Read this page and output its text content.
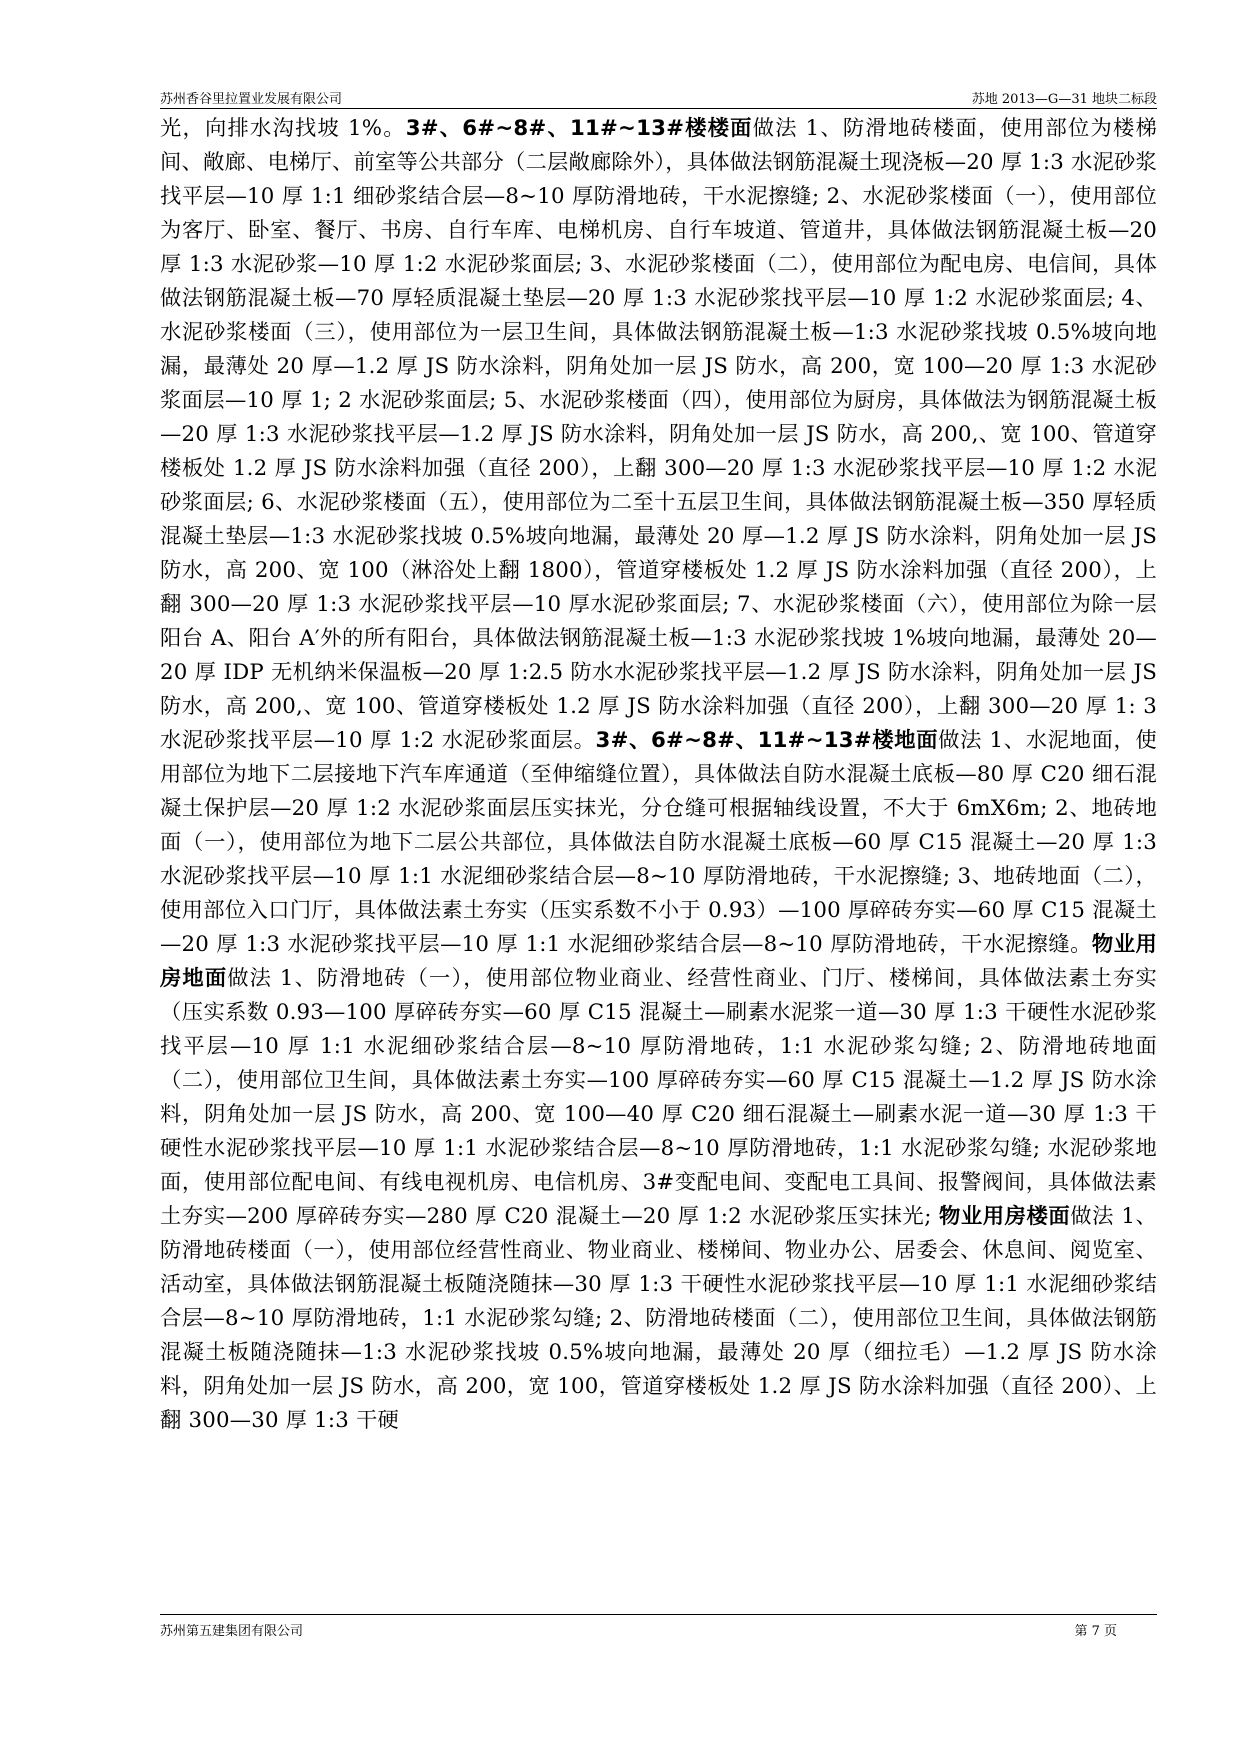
苏州香谷里拉置业发展有限公司	苏地 2013—G—31 地块二标段
光，向排水沟找坡 1%。3#、6#~8#、11#~13#楼楼面做法 1、防滑地砖楼面，使用部位为楼梯间、敞廊、电梯厅、前室等公共部分（二层敞廊除外），具体做法钢筋混凝土现浇板—20 厚 1:3 水泥砂浆找平层—10 厚 1:1 细砂浆结合层—8~10 厚防滑地砖，干水泥擦缝; 2、水泥砂浆楼面（一），使用部位为客厅、卧室、餐厅、书房、自行车库、电梯机房、自行车坡道、管道井，具体做法钢筋混凝土板—20 厚 1:3 水泥砂浆—10 厚 1:2 水泥砂浆面层; 3、水泥砂浆楼面（二），使用部位为配电房、电信间，具体做法钢筋混凝土板—70 厚轻质混凝土垫层—20 厚 1:3 水泥砂浆找平层—10 厚 1:2 水泥砂浆面层; 4、水泥砂浆楼面（三），使用部位为一层卫生间，具体做法钢筋混凝土板—1:3 水泥砂浆找坡 0.5%坡向地漏，最薄处 20 厚—1.2 厚 JS 防水涂料，阴角处加一层 JS 防水，高 200，宽 100—20 厚 1:3 水泥砂浆面层—10 厚 1; 2 水泥砂浆面层; 5、水泥砂浆楼面（四），使用部位为厨房，具体做法为钢筋混凝土板—20 厚 1:3 水泥砂浆找平层—1.2 厚 JS 防水涂料，阴角处加一层 JS 防水，高 200,、宽 100、管道穿楼板处 1.2 厚 JS 防水涂料加强（直径 200），上翻 300—20 厚 1:3 水泥砂浆找平层—10 厚 1:2 水泥砂浆面层; 6、水泥砂浆楼面（五），使用部位为二至十五层卫生间，具体做法钢筋混凝土板—350 厚轻质混凝土垫层—1:3 水泥砂浆找坡 0.5%坡向地漏，最薄处 20 厚—1.2 厚 JS 防水涂料，阴角处加一层 JS 防水，高 200、宽 100（淋浴处上翻 1800），管道穿楼板处 1.2 厚 JS 防水涂料加强（直径 200），上翻 300—20 厚 1:3 水泥砂浆找平层—10 厚水泥砂浆面层; 7、水泥砂浆楼面（六），使用部位为除一层阳台 A、阳台 A′外的所有阳台，具体做法钢筋混凝土板—1:3 水泥砂浆找坡 1%坡向地漏，最薄处 20—20 厚 IDP 无机纳米保温板—20 厚 1:2.5 防水水泥砂浆找平层—1.2 厚 JS 防水涂料，阴角处加一层 JS 防水，高 200,、宽 100、管道穿楼板处 1.2 厚 JS 防水涂料加强（直径 200），上翻 300—20 厚 1: 3 水泥砂浆找平层—10 厚 1:2 水泥砂浆面层。3#、6#~8#、11#~13#楼地面做法 1、水泥地面，使用部位为地下二层接地下汽车库通道（至伸缩缝位置），具体做法自防水混凝土底板—80 厚 C20 细石混凝土保护层—20 厚 1:2 水泥砂浆面层压实抹光，分仓缝可根据轴线设置，不大于 6mX6m; 2、地砖地面（一），使用部位为地下二层公共部位，具体做法自防水混凝土底板—60 厚 C15 混凝土—20 厚 1:3 水泥砂浆找平层—10 厚 1:1 水泥细砂浆结合层—8~10 厚防滑地砖，干水泥擦缝; 3、地砖地面（二），使用部位入口门厅，具体做法素土夯实（压实系数不小于 0.93）—100 厚碎砖夯实—60 厚 C15 混凝土—20 厚 1:3 水泥砂浆找平层—10 厚 1:1 水泥细砂浆结合层—8~10 厚防滑地砖，干水泥擦缝。物业用房地面做法 1、防滑地砖（一），使用部位物业商业、经营性商业、门厅、楼梯间，具体做法素土夯实（压实系数 0.93—100 厚碎砖夯实—60 厚 C15 混凝土—刷素水泥浆一道—30 厚 1:3 干硬性水泥砂浆找平层—10 厚 1:1 水泥细砂浆结合层—8~10 厚防滑地砖，1:1 水泥砂浆勾缝; 2、防滑地砖地面（二），使用部位卫生间，具体做法素土夯实—100 厚碎砖夯实—60 厚 C15 混凝土—1.2 厚 JS 防水涂料，阴角处加一层 JS 防水，高 200、宽 100—40 厚 C20 细石混凝土—刷素水泥一道—30 厚 1:3 干硬性水泥砂浆找平层—10 厚 1:1 水泥砂浆结合层—8~10 厚防滑地砖，1:1 水泥砂浆勾缝; 水泥砂浆地面，使用部位配电间、有线电视机房、电信机房、3#变配电间、变配电工具间、报警阀间，具体做法素土夯实—200 厚碎砖夯实—280 厚 C20 混凝土—20 厚 1:2 水泥砂浆压实抹光; 物业用房楼面做法 1、防滑地砖楼面（一），使用部位经营性商业、物业商业、楼梯间、物业办公、居委会、休息间、阅览室、活动室，具体做法钢筋混凝土板随浇随抹—30 厚 1:3 干硬性水泥砂浆找平层—10 厚 1:1 水泥细砂浆结合层—8~10 厚防滑地砖，1:1 水泥砂浆勾缝; 2、防滑地砖楼面（二），使用部位卫生间，具体做法钢筋混凝土板随浇随抹—1:3 水泥砂浆找坡 0.5%坡向地漏，最薄处 20 厚（细拉毛）—1.2 厚 JS 防水涂料，阴角处加一层 JS 防水，高 200，宽 100，管道穿楼板处 1.2 厚 JS 防水涂料加强（直径 200）、上翻 300—30 厚 1:3 干硬
苏州第五建集团有限公司	第 7 页
